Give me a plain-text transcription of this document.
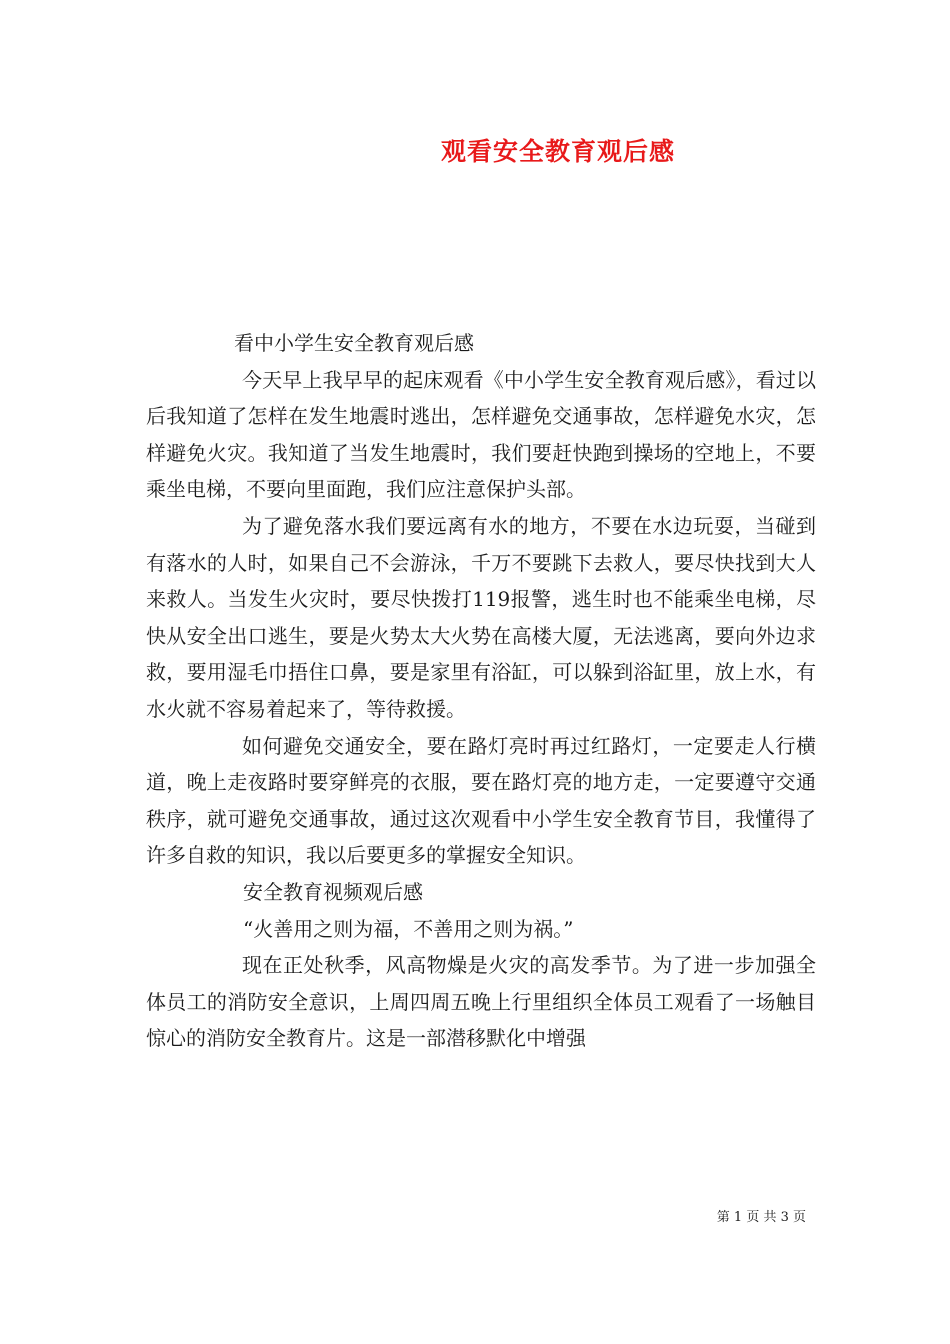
观看安全教育观后感

看中小学生安全教育观后感

今天早上我早早的起床观看《中小学生安全教育观后感》，看过以后我知道了怎样在发生地震时逃出，怎样避免交通事故，怎样避免水灾，怎样避免火灾。我知道了当发生地震时，我们要赶快跑到操场的空地上，不要乘坐电梯，不要向里面跑，我们应注意保护头部。

为了避免落水我们要远离有水的地方，不要在水边玩耍，当碰到有落水的人时，如果自己不会游泳，千万不要跳下去救人，要尽快找到大人来救人。当发生火灾时，要尽快拨打119报警，逃生时也不能乘坐电梯，尽快从安全出口逃生，要是火势太大火势在高楼大厦，无法逃离，要向外边求救，要用湿毛巾捂住口鼻，要是家里有浴缸，可以躲到浴缸里，放上水，有水火就不容易着起来了，等待救援。

如何避免交通安全，要在路灯亮时再过红路灯，一定要走人行横道，晚上走夜路时要穿鲜亮的衣服，要在路灯亮的地方走，一定要遵守交通秩序，就可避免交通事故，通过这次观看中小学生安全教育节目，我懂得了许多自救的知识，我以后要更多的掌握安全知识。

安全教育视频观后感

“火善用之则为福，不善用之则为祸。”

现在正处秋季，风高物燥是火灾的高发季节。为了进一步加强全体员工的消防安全意识，上周四周五晚上行里组织全体员工观看了一场触目惊心的消防安全教育片。这是一部潜移默化中增强

第 1 页 共 3 页
